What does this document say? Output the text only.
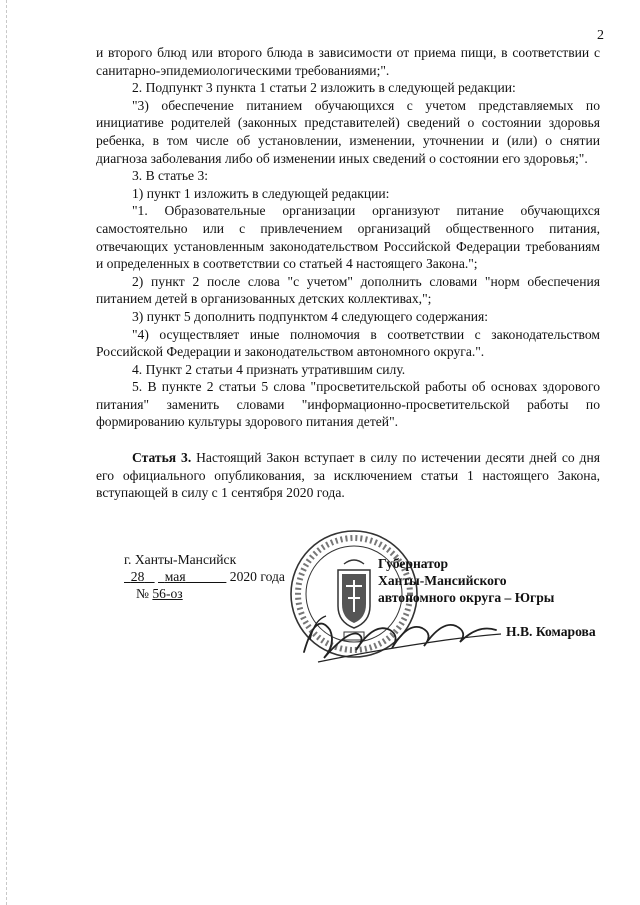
2

и второго блюд или второго блюда в зависимости от приема пищи, в соответствии с санитарно-эпидемиологическими требованиями;".

2. Подпункт 3 пункта 1 статьи 2 изложить в следующей редакции:

"3) обеспечение питанием обучающихся с учетом представляемых по инициативе родителей (законных представителей) сведений о состоянии здоровья ребенка, в том числе об установлении, изменении, уточнении и (или) о снятии диагноза заболевания либо об изменении иных сведений о состоянии его здоровья;".

3. В статье 3:

1) пункт 1 изложить в следующей редакции:

"1. Образовательные организации организуют питание обучающихся самостоятельно или с привлечением организаций общественного питания, отвечающих установленным законодательством Российской Федерации требованиям и определенных в соответствии со статьей 4 настоящего Закона.";

2) пункт 2 после слова "с учетом" дополнить словами "норм обеспечения питанием детей в организованных детских коллективах,";

3) пункт 5 дополнить подпунктом 4 следующего содержания:

"4) осуществляет иные полномочия в соответствии с законодательством Российской Федерации и законодательством автономного округа.".

4. Пункт 2 статьи 4 признать утратившим силу.

5. В пункте 2 статьи 5 слова "просветительской работы об основах здорового питания" заменить словами "информационно-просветительской работы по формированию культуры здорового питания детей".

Статья 3. Настоящий Закон вступает в силу по истечении десяти дней со дня его официального опубликования, за исключением статьи 1 настоящего Закона, вступающей в силу с 1 сентября 2020 года.

г. Ханты-Мансийск
28 мая	2020 года
№ 56-оз
Губернатор
Ханты-Мансийского
автономного округа – Югры
Н.В. Комарова
